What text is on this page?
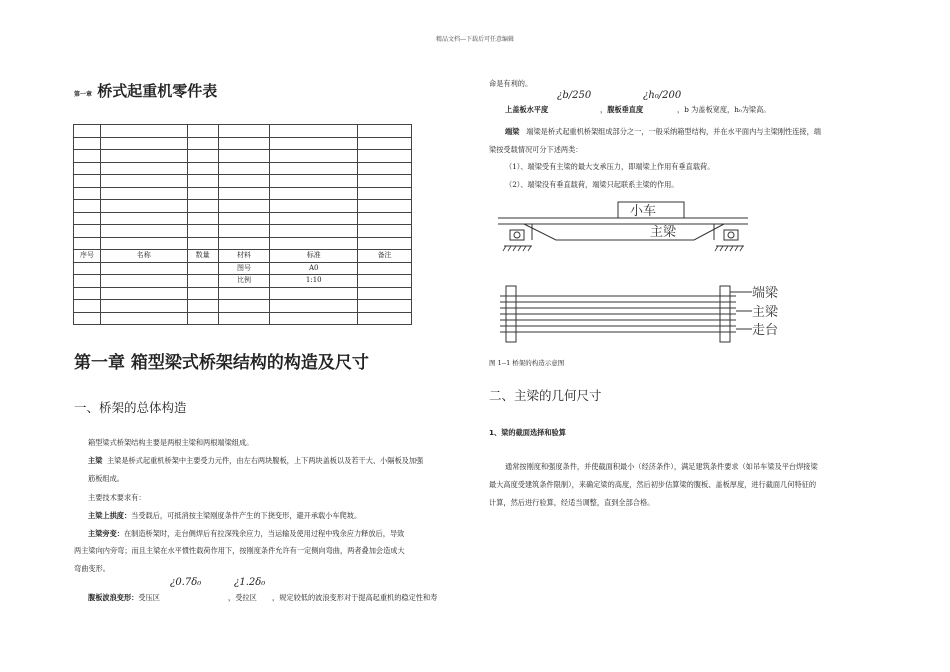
精品文档---下载后可任意编辑
第一章 桥式起重机零件表

序号	名称	数量	材料	标准	备注
			图号	A0	
			比例	1:10	

第一章 箱型梁式桥架结构的构造及尺寸
一、桥架的总体构造
箱型梁式桥架结构主要是两根主梁和两根端梁组成。
主梁 主梁是桥式起重机桥架中主要受力元件，由左右两块腹板，上下两块盖板以及若干大、小隔板及加强筋板组成。
主要技术要求有：
主梁上拱度：当受载后，可抵消按主梁刚度条件产生的下挠变形，避开承载小车爬坡。
主梁旁变：在制造桥架时，走台侧焊后有拉深残余应力，当运输及使用过程中残余应力释放后，导致
两主梁向内旁弯；而且主梁在水平惯性载荷作用下，按刚度条件允许有一定侧向弯曲，两者叠加会造成大
弯曲变形。
腹板波浪变形：受压区
¿0.7δ₀
，受拉区
¿1.2δ₀
，规定较低的波浪变形对于提高起重机的稳定性和寿
命是有利的。
上盖板水平度
¿b/250
，腹板垂直度
¿h₀/200
，b 为盖板宽度，h₀为梁高。
端梁 端梁是桥式起重机桥架组成部分之一，一般采纳箱型结构，并在水平面内与主梁刚性连接，端
梁按受载情况可分下述两类：
（1）、端梁受有主梁的最大支承压力，即端梁上作用有垂直载荷。
（2）、端梁没有垂直载荷，端梁只起联系主梁的作用。
小车
主梁
端梁
主梁
走台
图 1--1 桥架的构造示意图
二、主梁的几何尺寸
1、梁的截面选择和验算
通常按刚度和强度条件，并使截面积最小（经济条件），满足建筑条件要求（如吊车梁及平台焊接梁
最大高度受建筑条件限制），来确定梁的高度，然后初步估算梁的腹板、盖板厚度，进行截面几何特征的
计算，然后进行验算，经适当调整，直到全部合格。
